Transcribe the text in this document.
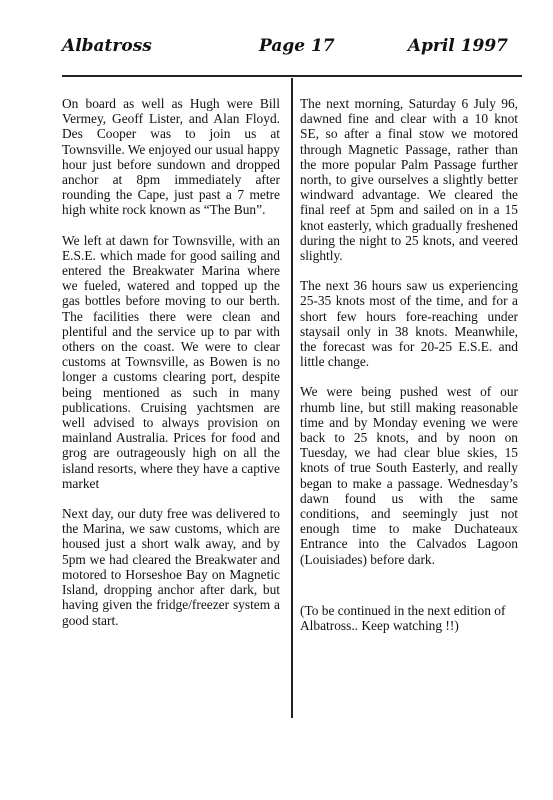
Albatross	Page 17	April 1997

On board as well as Hugh were Bill Vermey, Geoff Lister, and Alan Floyd. Des Cooper was to join us at Townsville. We enjoyed our usual happy hour just before sundown and dropped anchor at 8pm immediately after rounding the Cape, just past a 7 metre high white rock known as “The Bun”.

We left at dawn for Townsville, with an E.S.E. which made for good sailing and entered the Breakwater Marina where we fueled, watered and topped up the gas bottles before moving to our berth. The facilities there were clean and plentiful and the service up to par with others on the coast. We were to clear customs at Townsville, as Bowen is no longer a customs clearing port, despite being mentioned as such in many publications. Cruising yachtsmen are well advised to always provision on mainland Australia. Prices for food and grog are outrageously high on all the island resorts, where they have a captive market

Next day, our duty free was delivered to the Marina, we saw customs, which are housed just a short walk away, and by 5pm we had cleared the Breakwater and motored to Horseshoe Bay on Magnetic Island, dropping anchor after dark, but having given the fridge/freezer system a good start.

The next morning, Saturday 6 July 96, dawned fine and clear with a 10 knot SE, so after a final stow we motored through Magnetic Passage, rather than the more popular Palm Passage further north, to give ourselves a slightly better windward advantage. We cleared the final reef at 5pm and sailed on in a 15 knot easterly, which gradually freshened during the night to 25 knots, and veered slightly.

The next 36 hours saw us experiencing 25-35 knots most of the time, and for a short few hours fore-reaching under staysail only in 38 knots. Meanwhile, the forecast was for 20-25 E.S.E. and little change.

We were being pushed west of our rhumb line, but still making reasonable time and by Monday evening we were back to 25 knots, and by noon on Tuesday, we had clear blue skies, 15 knots of true South Easterly, and really began to make a passage. Wednesday’s dawn found us with the same conditions, and seemingly just not enough time to make Duchateaux Entrance into the Calvados Lagoon (Louisiades) before dark.

(To be continued in the next edition of Albatross.. Keep watching !!)
